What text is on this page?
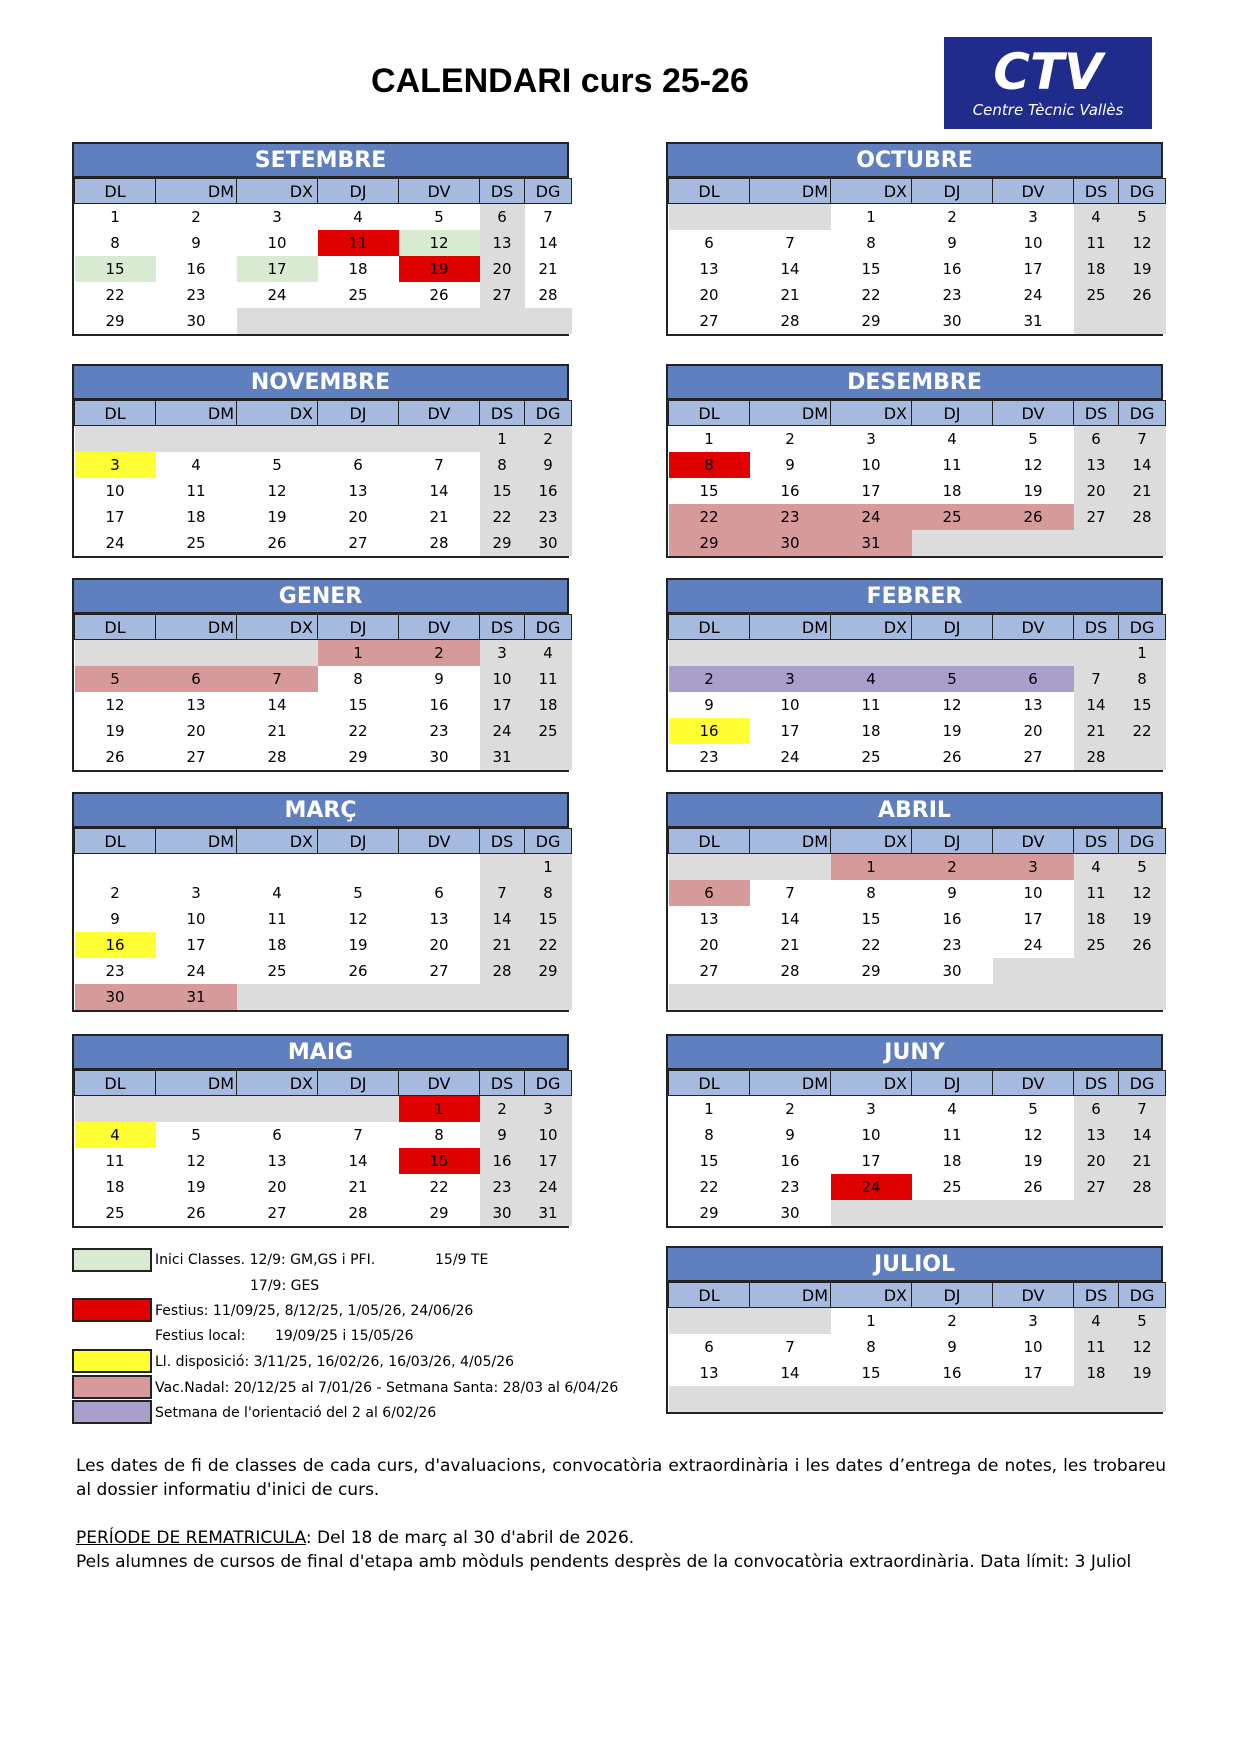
CALENDARI curs 25-26	CTV
Centre Tècnic Vallès
SETEMBRE
DL	DM	DX	DJ	DV	DS	DG
1	2	3	4	5	6	7
8	9	10	11	12	13	14
15	16	17	18	19	20	21
22	23	24	25	26	27	28
29	30					
OCTUBRE
DL	DM	DX	DJ	DV	DS	DG
		1	2	3	4	5
6	7	8	9	10	11	12
13	14	15	16	17	18	19
20	21	22	23	24	25	26
27	28	29	30	31		
NOVEMBRE
DL	DM	DX	DJ	DV	DS	DG
					1	2
3	4	5	6	7	8	9
10	11	12	13	14	15	16
17	18	19	20	21	22	23
24	25	26	27	28	29	30
DESEMBRE
DL	DM	DX	DJ	DV	DS	DG
1	2	3	4	5	6	7
8	9	10	11	12	13	14
15	16	17	18	19	20	21
22	23	24	25	26	27	28
29	30	31				
GENER
DL	DM	DX	DJ	DV	DS	DG
			1	2	3	4
5	6	7	8	9	10	11
12	13	14	15	16	17	18
19	20	21	22	23	24	25
26	27	28	29	30	31	
FEBRER
DL	DM	DX	DJ	DV	DS	DG
						1
2	3	4	5	6	7	8
9	10	11	12	13	14	15
16	17	18	19	20	21	22
23	24	25	26	27	28	
MARÇ
DL	DM	DX	DJ	DV	DS	DG
						1
2	3	4	5	6	7	8
9	10	11	12	13	14	15
16	17	18	19	20	21	22
23	24	25	26	27	28	29
30	31					
ABRIL
DL	DM	DX	DJ	DV	DS	DG
		1	2	3	4	5
6	7	8	9	10	11	12
13	14	15	16	17	18	19
20	21	22	23	24	25	26
27	28	29	30			

MAIG
DL	DM	DX	DJ	DV	DS	DG
				1	2	3
4	5	6	7	8	9	10
11	12	13	14	15	16	17
18	19	20	21	22	23	24
25	26	27	28	29	30	31
JUNY
DL	DM	DX	DJ	DV	DS	DG
1	2	3	4	5	6	7
8	9	10	11	12	13	14
15	16	17	18	19	20	21
22	23	24	25	26	27	28
29	30					
JULIOL
DL	DM	DX	DJ	DV	DS	DG
		1	2	3	4	5
6	7	8	9	10	11	12
13	14	15	16	17	18	19

Inici Classes. 12/9: GM,GS i PFI.	15/9 TE
17/9: GES
Festius: 11/09/25, 8/12/25, 1/05/26, 24/06/26
Festius local: 19/09/25 i 15/05/26
Ll. disposició: 3/11/25, 16/02/26, 16/03/26, 4/05/26
Vac.Nadal: 20/12/25 al 7/01/26 - Setmana Santa: 28/03 al 6/04/26
Setmana de l'orientació del 2 al 6/02/26
Les dates de fi de classes de cada curs, d'avaluacions, convocatòria extraordinària i les dates d’entrega de notes, les trobareu al dossier informatiu d'inici de curs.
PERÍODE DE REMATRICULA: Del 18 de març al 30 d'abril de 2026.
Pels alumnes de cursos de final d'etapa amb mòduls pendents desprès de la convocatòria extraordinària. Data límit: 3 Juliol
